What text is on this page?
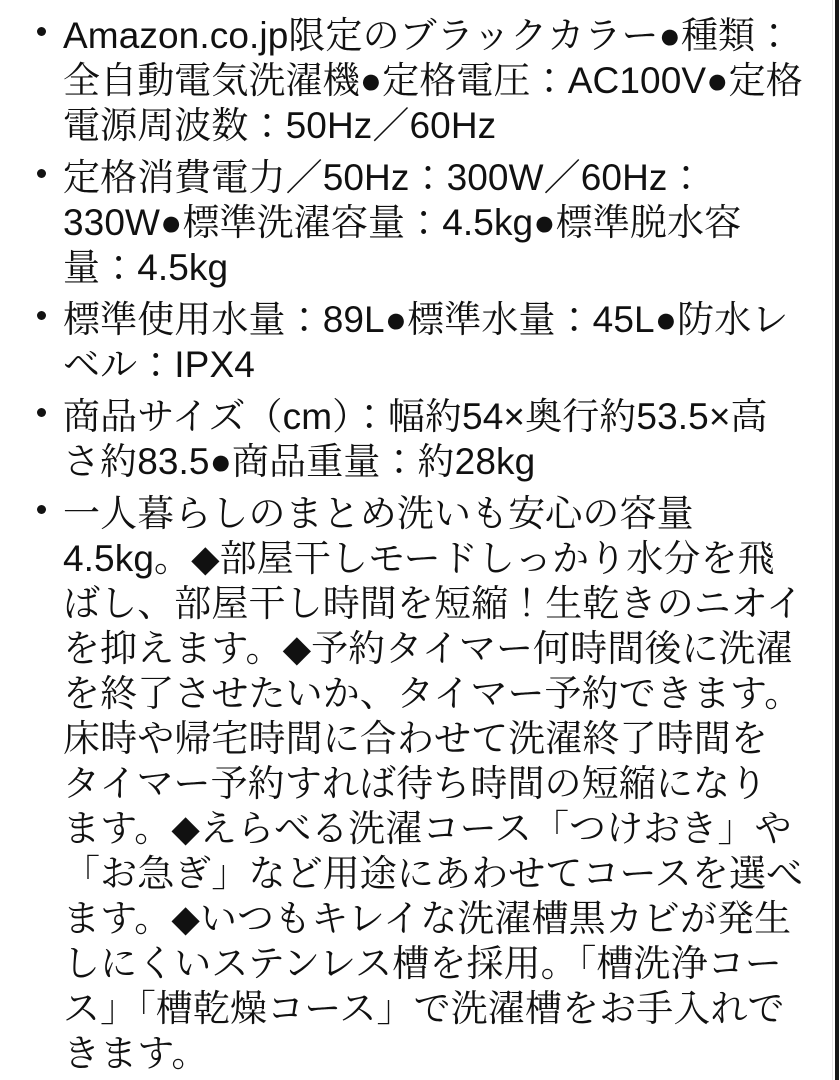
Amazon.co.jp限定のブラックカラー●種類：全自動電気洗濯機●定格電圧：AC100V●定格電源周波数：50Hz／60Hz
定格消費電力／50Hz：300W／60Hz：330W●標準洗濯容量：4.5kg●標準脱水容量：4.5kg
標準使用水量：89L●標準水量：45L●防水レベル：IPX4
商品サイズ（cm）：幅約54×奥行約53.5×高さ約83.5●商品重量：約28kg
一人暮らしのまとめ洗いも安心の容量4.5kg。◆部屋干しモードしっかり水分を飛ばし、部屋干し時間を短縮！生乾きのニオイを抑えます。◆予約タイマー何時間後に洗濯を終了させたいか、タイマー予約できます。床時や帰宅時間に合わせて洗濯終了時間をタイマー予約すれば待ち時間の短縮になります。◆えらべる洗濯コース「つけおき」や「お急ぎ」など用途にあわせてコースを選べます。◆いつもキレイな洗濯槽黒カビが発生しにくいステンレス槽を採用。「槽洗浄コース」「槽乾燥コース」で洗濯槽をお手入れできます。
